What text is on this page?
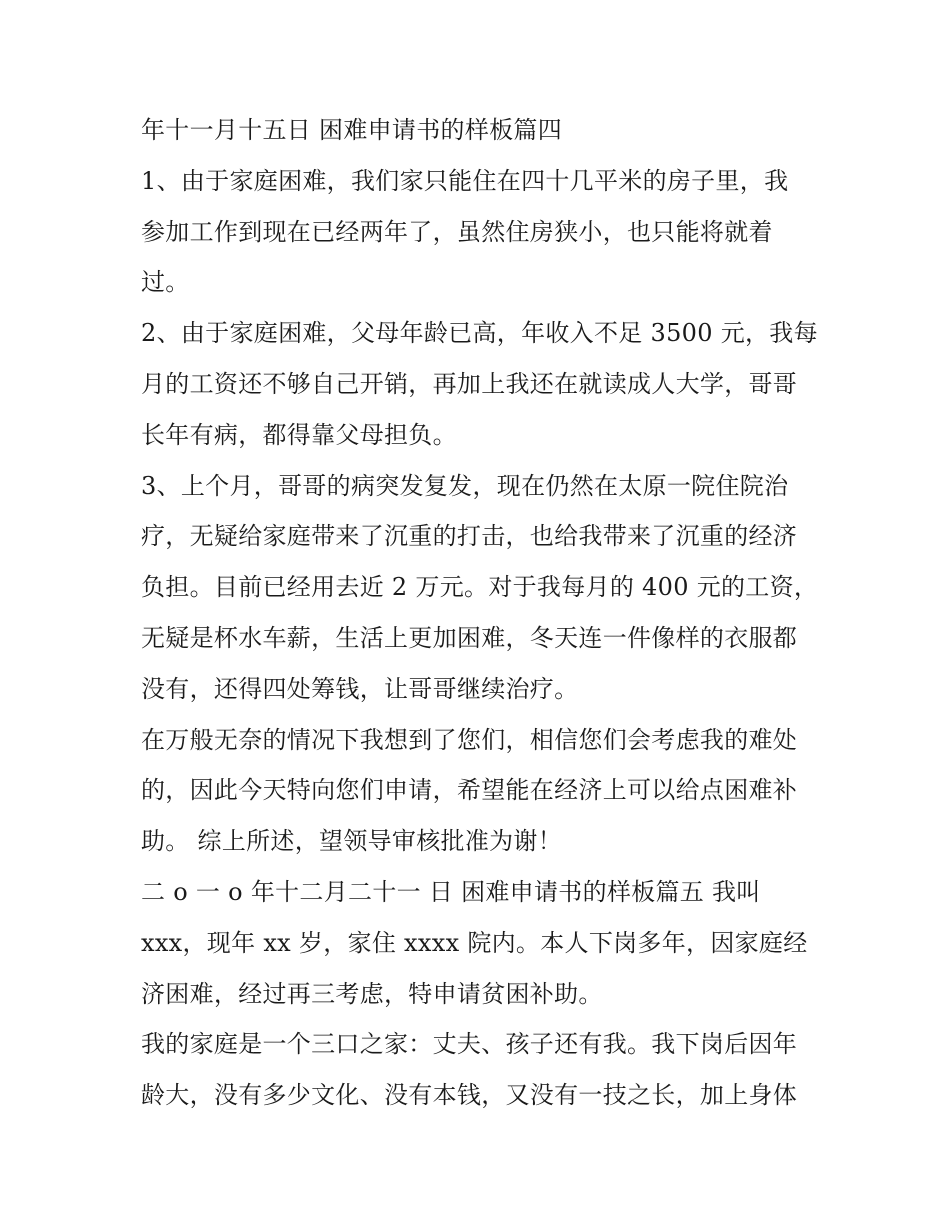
年十一月十五日 困难申请书的样板篇四
1、由于家庭困难，我们家只能住在四十几平米的房子里，我
参加工作到现在已经两年了，虽然住房狭小，也只能将就着
过。
2、由于家庭困难，父母年龄已高，年收入不足 3500 元，我每
月的工资还不够自己开销，再加上我还在就读成人大学，哥哥
长年有病，都得靠父母担负。
3、上个月，哥哥的病突发复发，现在仍然在太原一院住院治
疗，无疑给家庭带来了沉重的打击，也给我带来了沉重的经济
负担。目前已经用去近 2 万元。对于我每月的 400 元的工资，
无疑是杯水车薪，生活上更加困难，冬天连一件像样的衣服都
没有，还得四处筹钱，让哥哥继续治疗。
在万般无奈的情况下我想到了您们，相信您们会考虑我的难处
的，因此今天特向您们申请，希望能在经济上可以给点困难补
助。 综上所述，望领导审核批准为谢！
二 o 一 o 年十二月二十一 日 困难申请书的样板篇五 我叫
xxx，现年 xx 岁，家住 xxxx 院内。本人下岗多年，因家庭经
济困难，经过再三考虑，特申请贫困补助。
我的家庭是一个三口之家：丈夫、孩子还有我。我下岗后因年
龄大，没有多少文化、没有本钱，又没有一技之长，加上身体
